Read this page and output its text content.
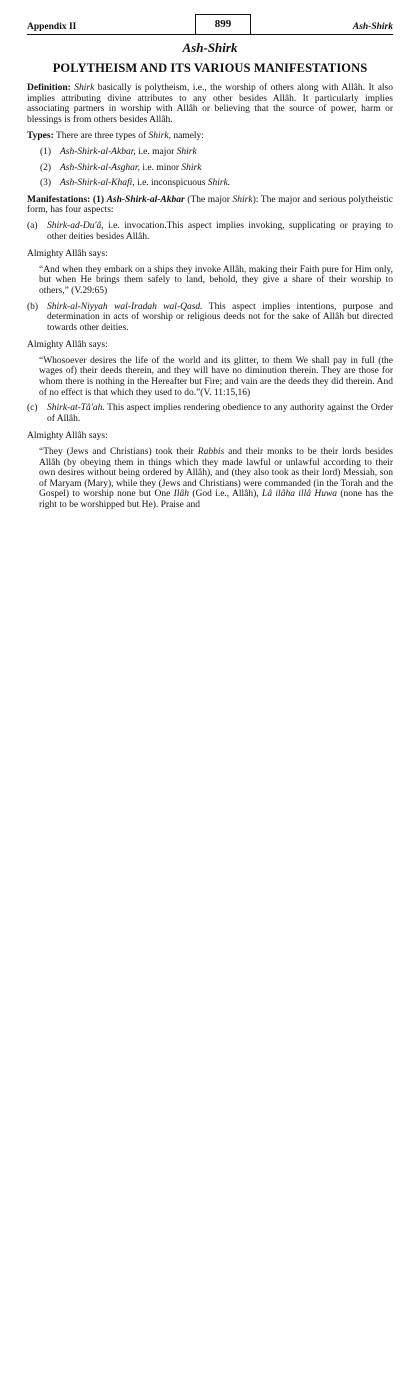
Appendix II	899	Ash-Shirk
Ash-Shirk
POLYTHEISM AND ITS VARIOUS MANIFESTATIONS

Definition: Shirk basically is polytheism, i.e., the worship of others along with Allâh. It also implies attributing divine attributes to any other besides Allâh. It particularly implies associating partners in worship with Allâh or believing that the source of power, harm or blessings is from others besides Allâh.

Types: There are three types of Shirk, namely:

(1) Ash-Shirk-al-Akbar, i.e. major Shirk
(2) Ash-Shirk-al-Asghar, i.e. minor Shirk
(3) Ash-Shirk-al-Khafi, i.e. inconspicuous Shirk.

Manifestations: (1) Ash-Shirk-al-Akbar (The major Shirk): The major and serious polytheistic form, has four aspects:

(a) Shirk-ad-Du'â, i.e. invocation.This aspect implies invoking, supplicating or praying to other deities besides Allâh.

Almighty Allâh says:

“And when they embark on a ships they invoke Allâh, making their Faith pure for Him only, but when He brings them safely to land, behold, they give a share of their worship to others,” (V.29:65)

(b) Shirk-al-Niyyah wal-Iradah wal-Qasd. This aspect implies intentions, purpose and determination in acts of worship or religious deeds not for the sake of Allâh but directed towards other deities.

Almighty Allâh says:

“Whosoever desires the life of the world and its glitter, to them We shall pay in full (the wages of) their deeds therein, and they will have no diminution therein. They are those for whom there is nothing in the Hereafter but Fire; and vain are the deeds they did therein. And of no effect is that which they used to do.”(V. 11:15,16)

(c) Shirk-at-Tâ'ah. This aspect implies rendering obedience to any authority against the Order of Allâh.

Almighty Allâh says:

“They (Jews and Christians) took their Rabbis and their monks to be their lords besides Allâh (by obeying them in things which they made lawful or unlawful according to their own desires without being ordered by Allâh), and (they also took as their lord) Messiah, son of Maryam (Mary), while they (Jews and Christians) were commanded (in the Torah and the Gospel) to worship none but One Ilâh (God i.e., Allâh), Lâ ilâha illâ Huwa (none has the right to be worshipped but He). Praise and
